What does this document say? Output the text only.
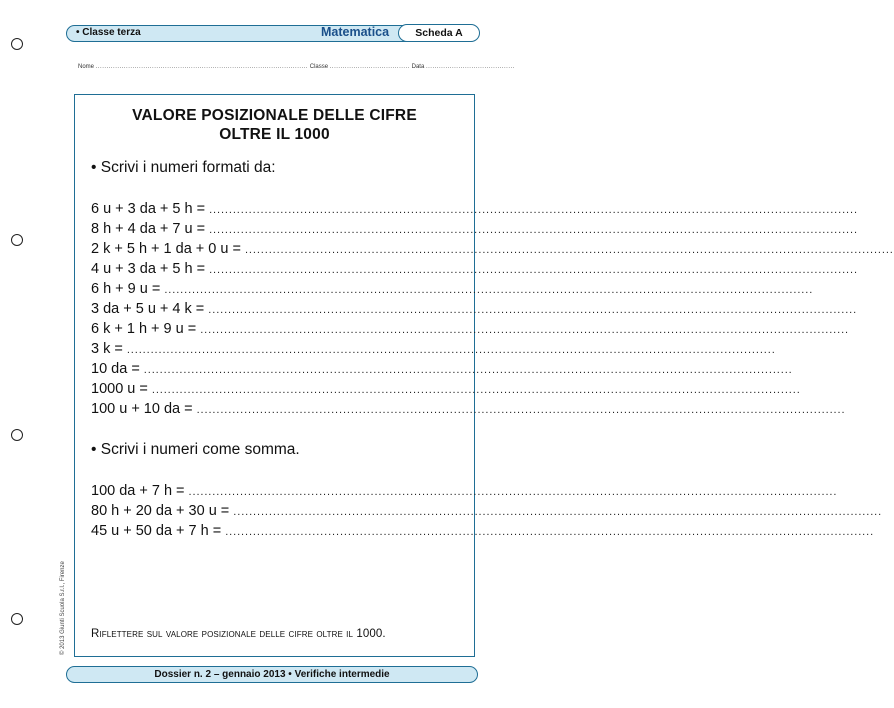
• Classe terza	Matematica	Scheda A
Nome .................................................................................................. Classe ..................................... Data .........................................
VALORE POSIZIONALE DELLE CIFRE
OLTRE IL 1000
• Scrivi i numeri formati da:
6 u + 3 da + 5 h =
.....
8 h + 4 da + 7 u =
.....
2 k + 5 h + 1 da + 0 u =
.....
4 u + 3 da + 5 h =
.....
6 h + 9 u =
.....
3 da + 5 u + 4 k =
.....
6 k + 1 h + 9 u =
.....
3 k =
.....
10 da =
.....
1000 u =
.....
100 u + 10 da =
.....
• Scrivi i numeri come somma.
100 da + 7 h =
.....
80 h + 20 da + 30 u =
.....
45 u + 50 da + 7 h =
.....
Riflettere sul valore posizionale delle cifre oltre il 1000.
© 2013 Giunti Scuola S.r.l., Firenze
Dossier n. 2 – gennaio 2013 • Verifiche intermedie
